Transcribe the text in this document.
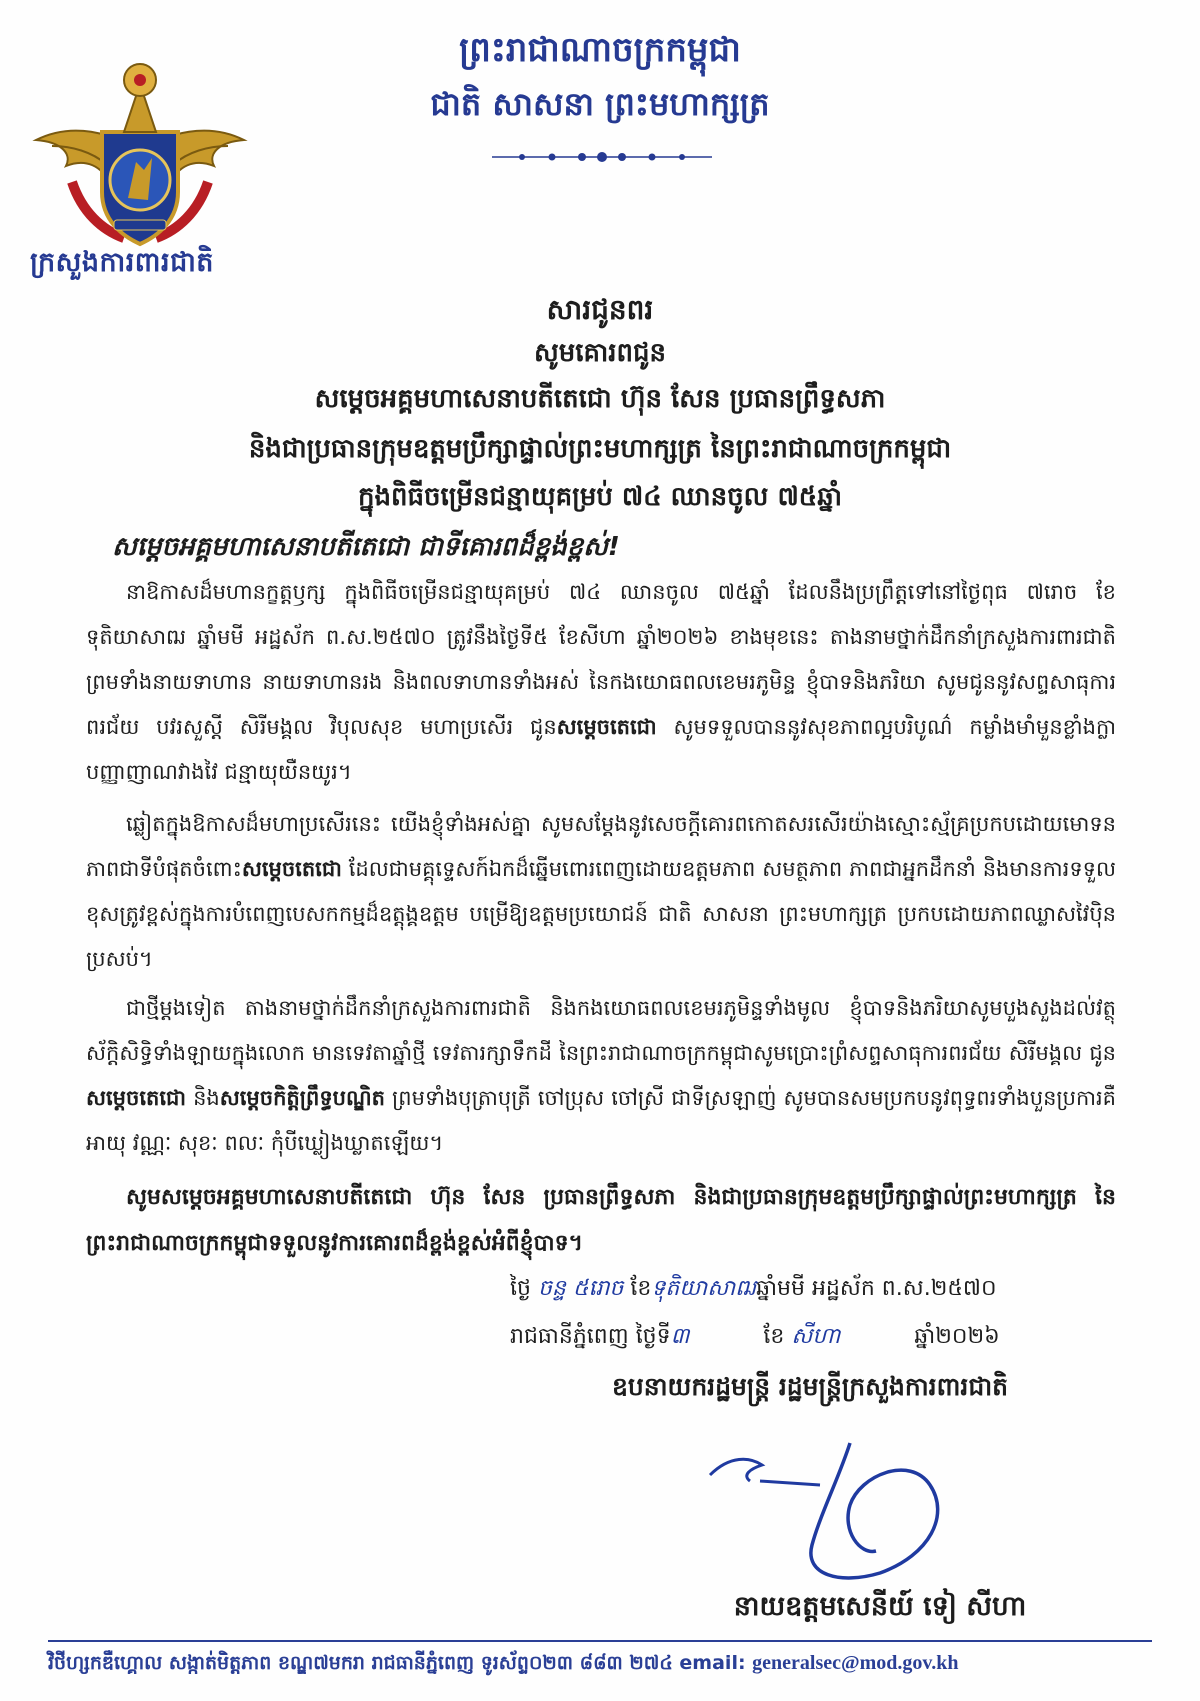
ក្រសួងការពារជាតិ
ព្រះរាជាណាចក្រកម្ពុជា
ជាតិ សាសនា ព្រះមហាក្សត្រ
សារជូនពរ
សូមគោរពជូន
សម្ដេចអគ្គមហាសេនាបតីតេជោ ហ៊ុន សែន ប្រធានព្រឹទ្ធសភា
និងជាប្រធានក្រុមឧត្តមប្រឹក្សាផ្ទាល់ព្រះមហាក្សត្រ នៃព្រះរាជាណាចក្រកម្ពុជា
ក្នុងពិធីចម្រើនជន្មាយុគម្រប់ ៧៤ ឈានចូល ៧៥ឆ្នាំ
សម្ដេចអគ្គមហាសេនាបតីតេជោ ជាទីគោរពដ៏ខ្ពង់ខ្ពស់!
នាឱកាសដ៏មហានក្ខត្តឫក្ស ក្នុងពិធីចម្រើនជន្មាយុគម្រប់ ៧៤ ឈានចូល ៧៥ឆ្នាំ ដែលនឹងប្រព្រឹត្តទៅនៅថ្ងៃពុធ ៧រោច ខែទុតិយាសាឍ ឆ្នាំមមី អដ្ឋស័ក ព.ស.២៥៧០ ត្រូវនឹងថ្ងៃទី៥ ខែសីហា ឆ្នាំ២០២៦ ខាងមុខនេះ តាងនាមថ្នាក់ដឹកនាំក្រសួងការពារជាតិ ព្រមទាំងនាយទាហាន នាយទាហានរង និងពលទាហានទាំងអស់ នៃកងយោធពលខេមរភូមិន្ទ ខ្ញុំបាទនិងភរិយា សូមជូននូវសព្ទសាធុការពរជ័យ បវរសួស្ដី សិរីមង្គល វិបុលសុខ មហាប្រសើរ ជូនសម្ដេចតេជោ សូមទទួលបាននូវសុខភាពល្អបរិបូណ៌ កម្លាំងមាំមួនខ្លាំងក្លា បញ្ញាញាណវាងវៃ ជន្មាយុយឺនយូរ។
ឆ្លៀតក្នុងឱកាសដ៏មហាប្រសើរនេះ យើងខ្ញុំទាំងអស់គ្នា សូមសម្ដែងនូវសេចក្ដីគោរពកោតសរសើរយ៉ាងស្មោះស្ម័គ្រប្រកបដោយមោទនភាពជាទីបំផុតចំពោះសម្ដេចតេជោ ដែលជាមគ្គុទ្ទេសក៍ឯកដ៏ឆ្នើមពោរពេញដោយឧត្ដមភាព សមត្ថភាព ភាពជាអ្នកដឹកនាំ និងមានការទទួលខុសត្រូវខ្ពស់ក្នុងការបំពេញបេសកកម្មដ៏ឧត្ដុង្គឧត្ដម បម្រើឱ្យឧត្ដមប្រយោជន៍ ជាតិ សាសនា ព្រះមហាក្សត្រ ប្រកបដោយភាពឈ្លាសវៃប៉ិនប្រសប់។
ជាថ្មីម្ដងទៀត តាងនាមថ្នាក់ដឹកនាំក្រសួងការពារជាតិ និងកងយោធពលខេមរភូមិន្ទទាំងមូល ខ្ញុំបាទនិងភរិយាសូមបួងសួងដល់វត្ថុស័ក្ដិសិទ្ធិទាំងឡាយក្នុងលោក មានទេវតាឆ្នាំថ្មី ទេវតារក្សាទឹកដី នៃព្រះរាជាណាចក្រកម្ពុជាសូមប្រោះព្រំសព្ទសាធុការពរជ័យ សិរីមង្គល ជូនសម្ដេចតេជោ និងសម្ដេចកិត្តិព្រឹទ្ធបណ្ឌិត ព្រមទាំងបុត្រាបុត្រី ចៅប្រុស ចៅស្រី ជាទីស្រឡាញ់ សូមបានសមប្រកបនូវពុទ្ធពរទាំងបួនប្រការគឺ អាយុ វណ្ណៈ សុខៈ ពលៈ កុំបីឃ្លៀងឃ្លាតឡើយ។
សូមសម្ដេចអគ្គមហាសេនាបតីតេជោ ហ៊ុន សែន ប្រធានព្រឹទ្ធសភា និងជាប្រធានក្រុមឧត្តមប្រឹក្សាផ្ទាល់ព្រះមហាក្សត្រ នៃព្រះរាជាណាចក្រកម្ពុជាទទួលនូវការគោរពដ៏ខ្ពង់ខ្ពស់អំពីខ្ញុំបាទ។
ថ្ងៃ ចន្ទ ៥រោច ខែទុតិយាសាឍឆ្នាំមមី អដ្ឋស័ក ព.ស.២៥៧០
រាជធានីភ្នំពេញ ថ្ងៃទី៣	ខែ សីហា	ឆ្នាំ២០២៦
ឧបនាយករដ្ឋមន្ត្រី រដ្ឋមន្ត្រីក្រសួងការពារជាតិ
នាយឧត្តមសេនីយ៍ ទៀ សីហា
វិថីហ្សកឌឺហ្គោល សង្កាត់មិត្តភាព ខណ្ឌ៧មករា រាជធានីភ្នំពេញ ទូរស័ព្ទ០២៣ ៨៨៣ ២៧៤ email: generalsec@mod.gov.kh
